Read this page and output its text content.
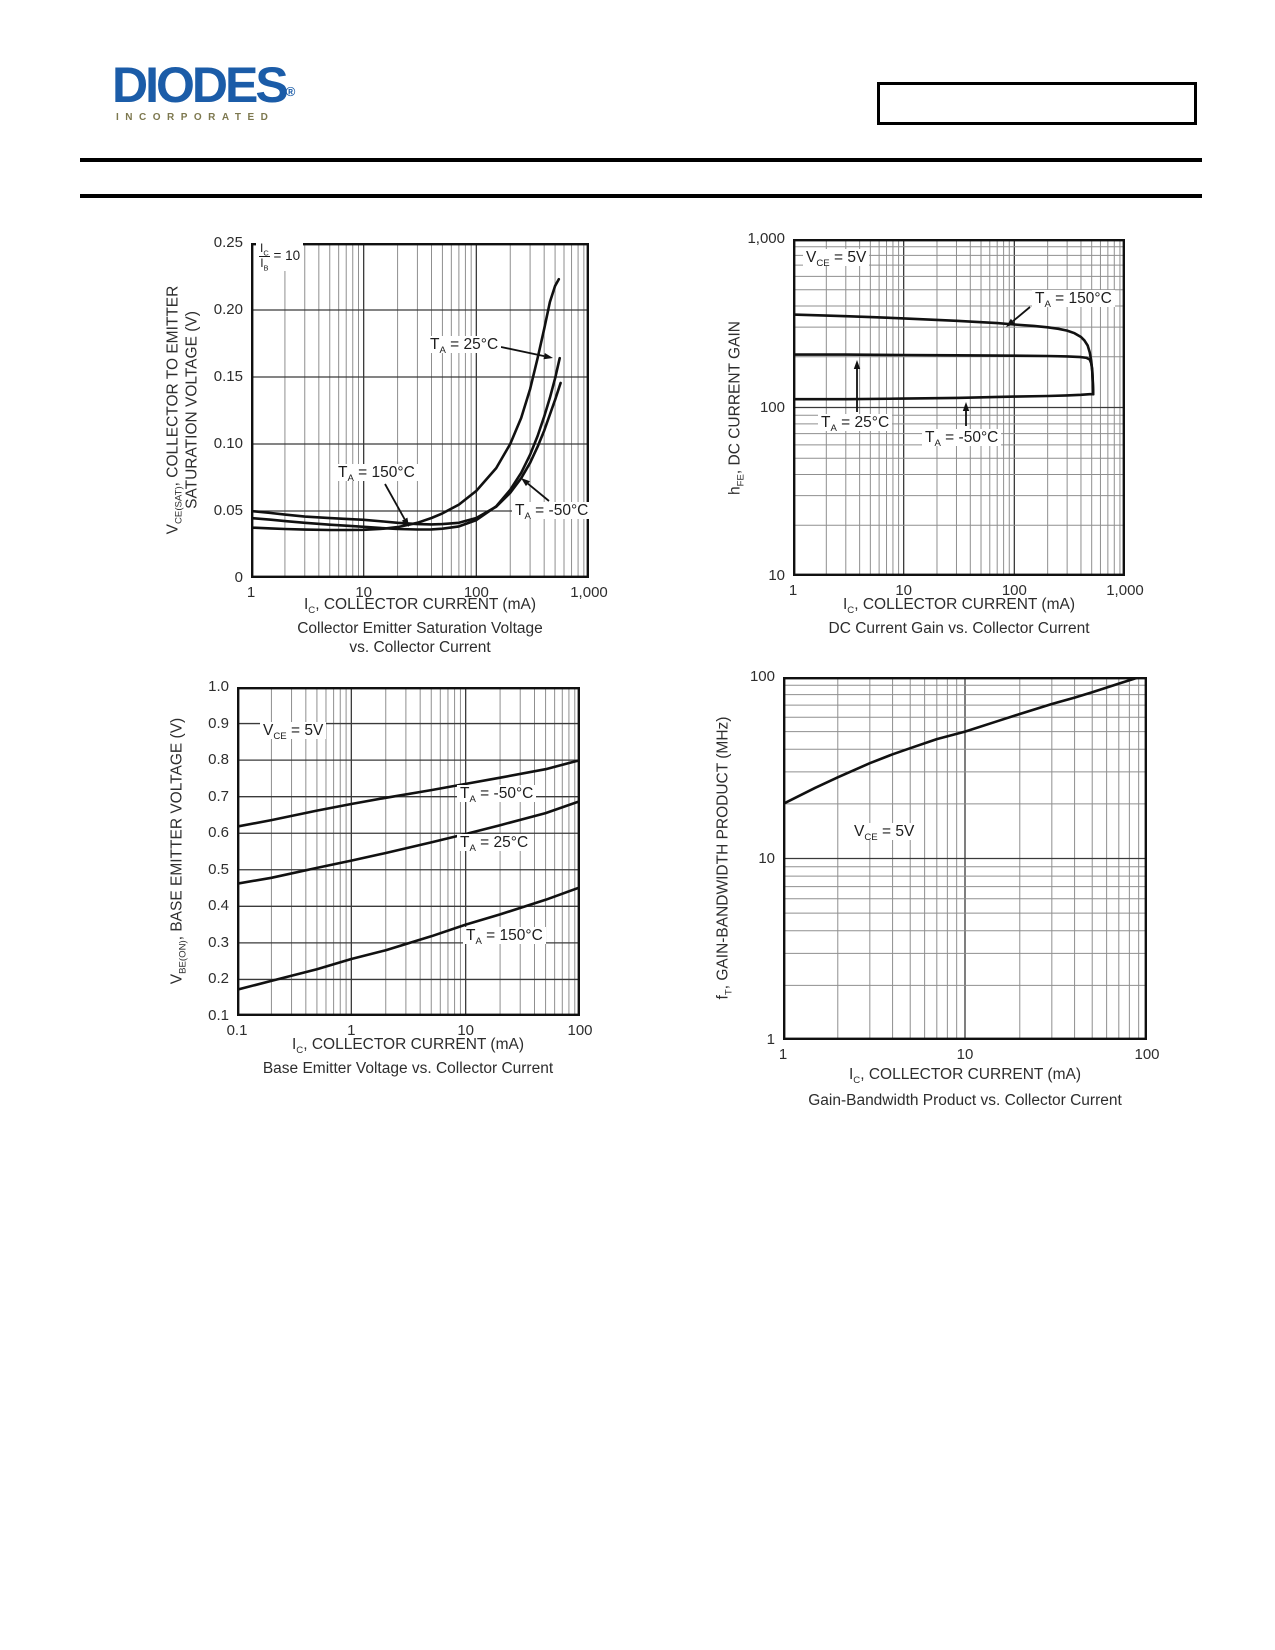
DIODES®
INCORPORATED
0.25
0.20
0.15
0.10
0.05
0
1	10	100	1,000
$I_C$, COLLECTOR CURRENT (mA)
$V_{CE(SAT)}$, COLLECTOR TO EMITTER SATURATION VOLTAGE (V)
Collector Emitter Saturation Voltage
vs. Collector Current
$\frac{I_C}{I_B} = 10$
$T_A = 25^\circ C$
$T_A = 150^\circ C$
$T_A = -50^\circ C$
1,000
100
10
1	10	100	1,000
$I_C$, COLLECTOR CURRENT (mA)
$h_{FE}$, DC CURRENT GAIN
DC Current Gain vs. Collector Current
$V_{CE} = 5V$
$T_A = 150^\circ C$
$T_A = 25^\circ C$
$T_A = -50^\circ C$
1.0
0.9
0.8
0.7
0.6
0.5
0.4
0.3
0.2
0.1
0.1	1	10	100
$I_C$, COLLECTOR CURRENT (mA)
$V_{BE(ON)}$, BASE EMITTER VOLTAGE (V)
Base Emitter Voltage vs. Collector Current
$V_{CE} = 5V$
$T_A = -50^\circ C$
$T_A = 25^\circ C$
$T_A = 150^\circ C$
100
10
1
1	10	100
$I_C$, COLLECTOR CURRENT (mA)
$f_T$, GAIN-BANDWIDTH PRODUCT (MHz)
Gain-Bandwidth Product vs. Collector Current
$V_{CE} = 5V$
